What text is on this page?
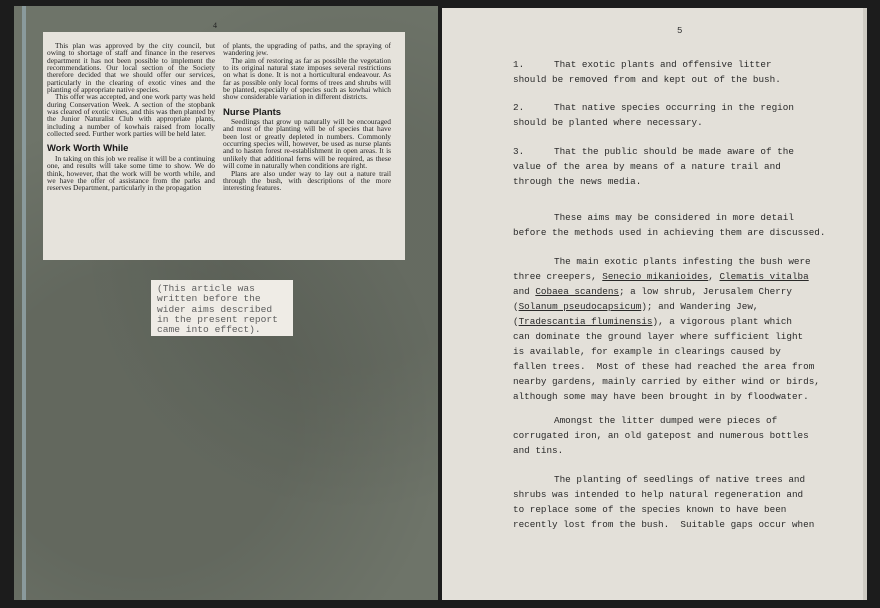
4

This plan was approved by the city council, but owing to shortage of staff and finance in the reserves department it has not been possible to implement the recommendations. Our local section of the Society therefore decided that we should offer our services, particularly in the clearing of exotic vines and the planting of appropriate native species.

This offer was accepted, and one work party was held during Conservation Week. A section of the stopbank was cleared of exotic vines, and this was then planted by the Junior Naturalist Club with appropriate plants, including a number of kowhais raised from locally collected seed. Further work parties will be held later.

Work Worth While

In taking on this job we realise it will be a continuing one, and results will take some time to show. We do think, however, that the work will be worth while, and we have the offer of assistance from the parks and reserves Department, particularly in the propagation

of plants, the upgrading of paths, and the spraying of wandering jew.

The aim of restoring as far as possible the vegetation to its original natural state imposes several restrictions on what is done. It is not a horticultural endeavour. As far as possible only local forms of trees and shrubs will be planted, especially of species such as kowhai which show considerable variation in different districts.

Nurse Plants

Seedlings that grow up naturally will be encouraged and most of the planting will be of species that have been lost or greatly depleted in numbers. Commonly occurring species will, however, be used as nurse plants and to hasten forest re-establishment in open areas. It is unlikely that additional ferns will be required, as these will come in naturally when conditions are right.

Plans are also under way to lay out a nature trail through the bush, with descriptions of the more interesting features.

(This article was
written before the
wider aims described
in the present report
came into effect).
5
1.	That exotic plants and offensive litter
should be removed from and kept out of the bush.
2.	That native species occurring in the region
should be planted where necessary.
3.	That the public should be made aware of the
value of the area by means of a nature trail and
through the news media.
These aims may be considered in more detail
before the methods used in achieving them are discussed.
The main exotic plants infesting the bush were
three creepers, Senecio mikanioides, Clematis vitalba
and Cobaea scandens; a low shrub, Jerusalem Cherry
(Solanum pseudocapsicum); and Wandering Jew,
(Tradescantia fluminensis), a vigorous plant which
can dominate the ground layer where sufficient light
is available, for example in clearings caused by
fallen trees.  Most of these had reached the area from
nearby gardens, mainly carried by either wind or birds,
although some may have been brought in by floodwater.
Amongst the litter dumped were pieces of
corrugated iron, an old gatepost and numerous bottles
and tins.
The planting of seedlings of native trees and
shrubs was intended to help natural regeneration and
to replace some of the species known to have been
recently lost from the bush.  Suitable gaps occur when
